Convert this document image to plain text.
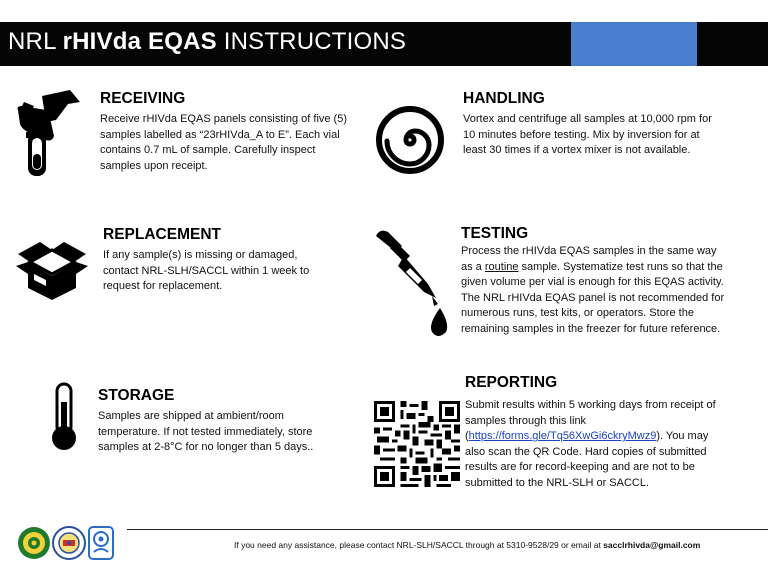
NRL rHIVda EQAS INSTRUCTIONS
RECEIVING

Receive rHIVda EQAS panels consisting of five (5) samples labelled as “23rHIVda_A to E”. Each vial contains 0.7 mL of sample. Carefully inspect samples upon receipt.

HANDLING

Vortex and centrifuge all samples at 10,000 rpm for 10 minutes before testing. Mix by inversion for at least 30 times if a vortex mixer is not available.

REPLACEMENT

If any sample(s) is missing or damaged, contact NRL-SLH/SACCL within 1 week to request for replacement.

TESTING

Process the rHIVda EQAS samples in the same way as a routine sample. Systematize test runs so that the given volume per vial is enough for this EQAS activity. The NRL rHIVda EQAS panel is not recommended for numerous runs, test kits, or operators. Store the remaining samples in the freezer for future reference.

STORAGE

Samples are shipped at ambient/room temperature. If not tested immediately, store samples at 2-8°C for no longer than 5 days..

REPORTING

Submit results within 5 working days from receipt of samples through this link (https://forms.gle/Tq56XwGi6ckryMwz9). You may also scan the QR Code. Hard copies of submitted results are for record-keeping and are not to be submitted to the NRL-SLH or SACCL.

If you need any assistance, please contact NRL-SLH/SACCL through at 5310-9528/29 or email at sacclrhivda@gmail.com
